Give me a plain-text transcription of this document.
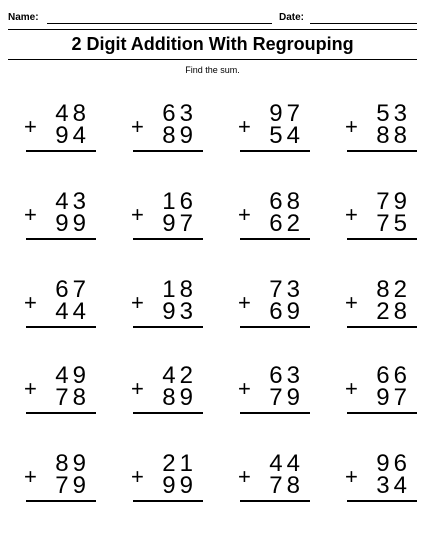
Name:	Date:
2 Digit Addition With Regrouping
Find the sum.
+ 48
94 + 63
89 + 97
54 + 53
88
+ 43
99 + 16
97 + 68
62 + 79
75
+ 67
44 + 18
93 + 73
69 + 82
28
+ 49
78 + 42
89 + 63
79 + 66
97
+ 89
79 + 21
99 + 44
78 + 96
34
